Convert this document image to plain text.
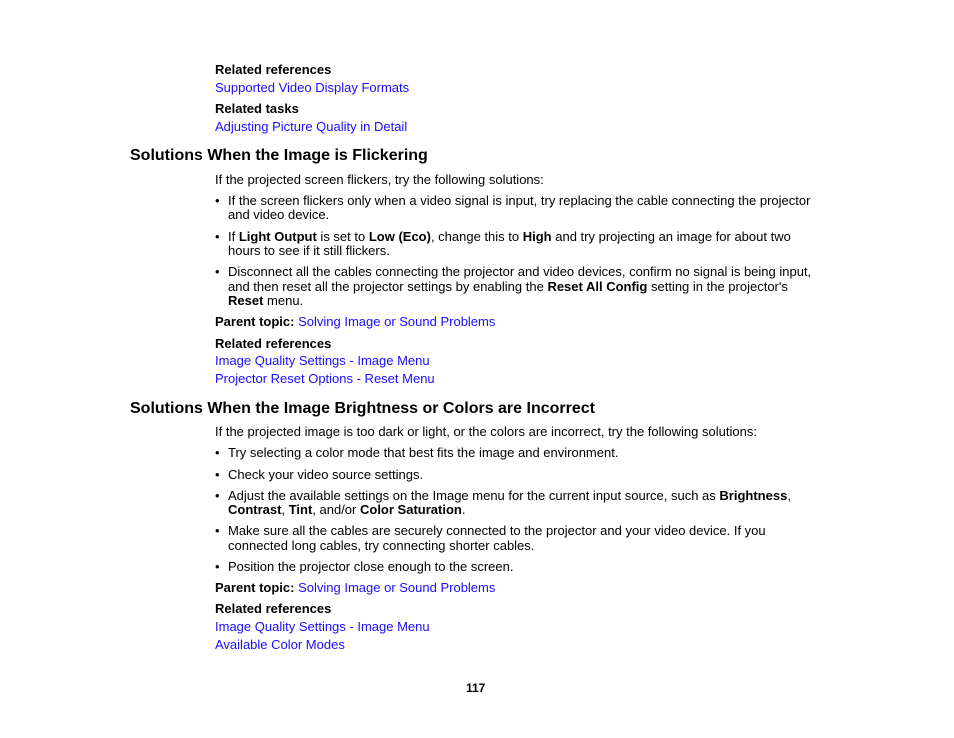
Related references
Supported Video Display Formats
Related tasks
Adjusting Picture Quality in Detail
Solutions When the Image is Flickering
If the projected screen flickers, try the following solutions:
• If the screen flickers only when a video signal is input, try replacing the cable connecting the projector
and video device.
• If Light Output is set to Low (Eco), change this to High and try projecting an image for about two
hours to see if it still flickers.
• Disconnect all the cables connecting the projector and video devices, confirm no signal is being input,
and then reset all the projector settings by enabling the Reset All Config setting in the projector's
Reset menu.
Parent topic: Solving Image or Sound Problems
Related references
Image Quality Settings - Image Menu
Projector Reset Options - Reset Menu
Solutions When the Image Brightness or Colors are Incorrect
If the projected image is too dark or light, or the colors are incorrect, try the following solutions:
• Try selecting a color mode that best fits the image and environment.
• Check your video source settings.
• Adjust the available settings on the Image menu for the current input source, such as Brightness,
Contrast, Tint, and/or Color Saturation.
• Make sure all the cables are securely connected to the projector and your video device. If you
connected long cables, try connecting shorter cables.
• Position the projector close enough to the screen.
Parent topic: Solving Image or Sound Problems
Related references
Image Quality Settings - Image Menu
Available Color Modes
117
